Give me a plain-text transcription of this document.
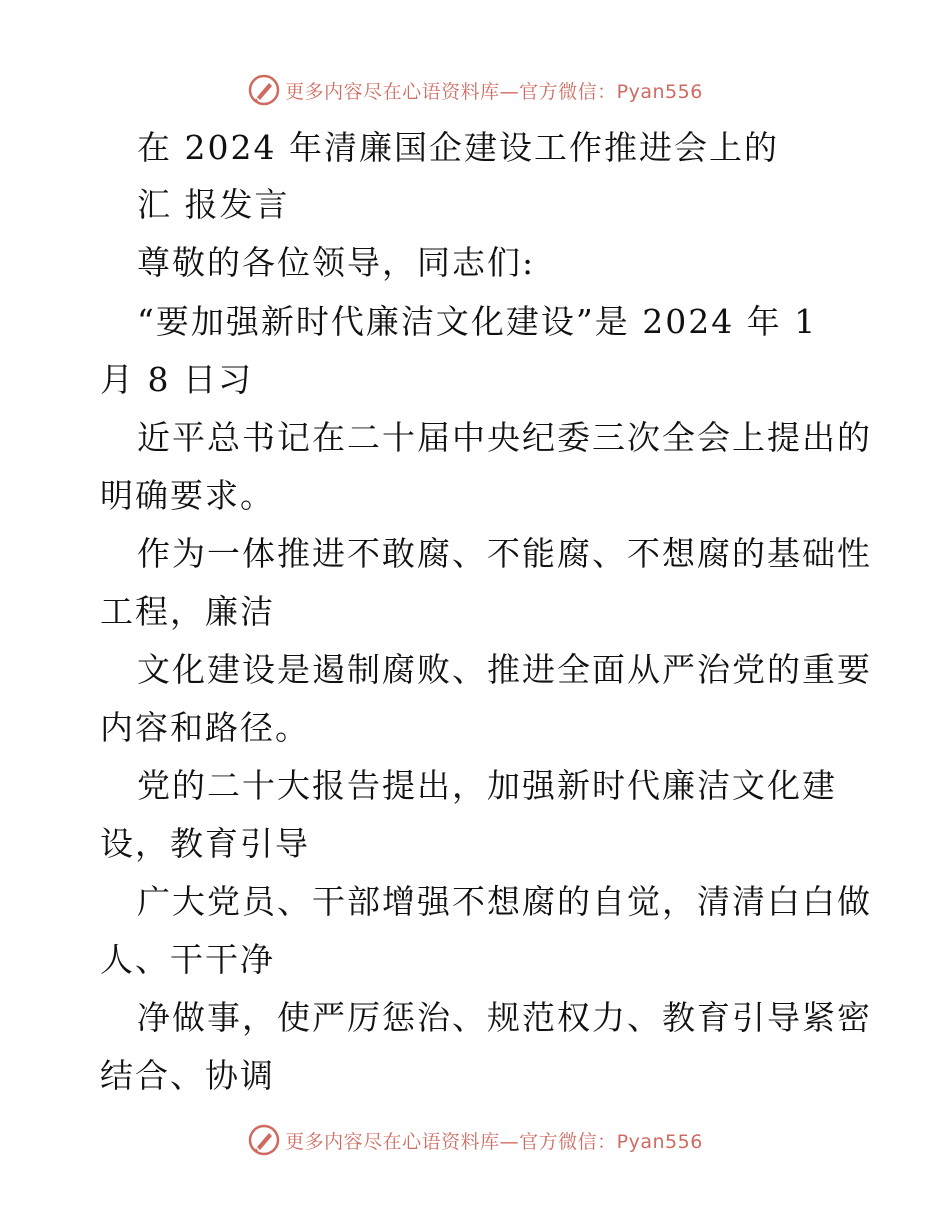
更多内容尽在心语资料库—官方微信：Pyan556
在 2024 年清廉国企建设工作推进会上的
汇 报发言
尊敬的各位领导，同志们:
“要加强新时代廉洁文化建设”是 2024 年 1
月 8 日习
近平总书记在二十届中央纪委三次全会上提出的
明确要求。
作为一体推进不敢腐、不能腐、不想腐的基础性
工程，廉洁
文化建设是遏制腐败、推进全面从严治党的重要
内容和路径。
党的二十大报告提出，加强新时代廉洁文化建
设，教育引导
广大党员、干部增强不想腐的自觉，清清白白做
人、干干净
净做事，使严厉惩治、规范权力、教育引导紧密
结合、协调
更多内容尽在心语资料库—官方微信：Pyan556
